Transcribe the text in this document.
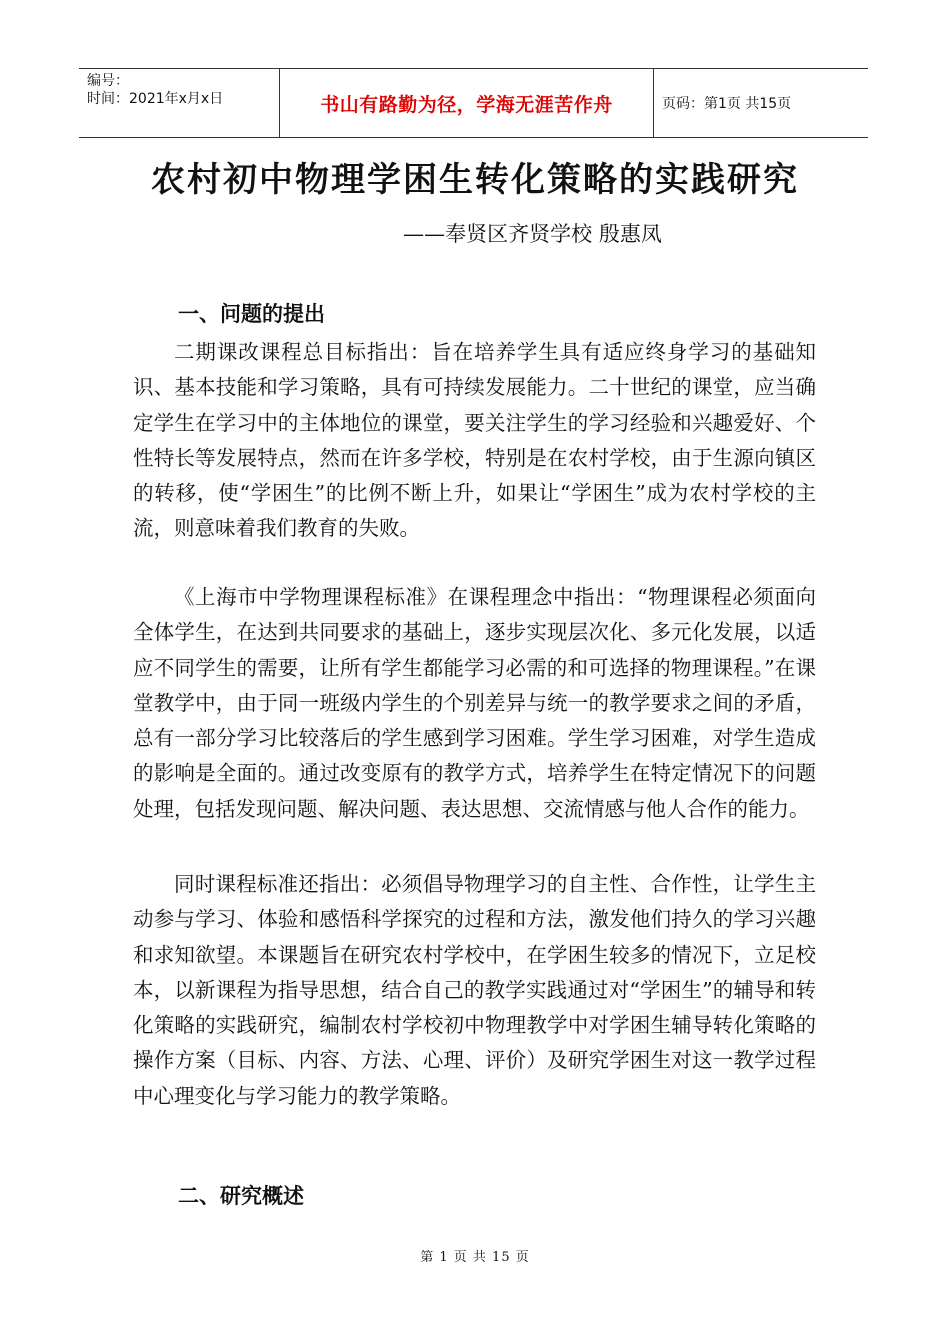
编号：
时间：2021年x月x日	书山有路勤为径，学海无涯苦作舟	页码：第1页 共15页
农村初中物理学困生转化策略的实践研究
——奉贤区齐贤学校 殷惠凤
一、问题的提出
二期课改课程总目标指出：旨在培养学生具有适应终身学习的基础知识、基本技能和学习策略，具有可持续发展能力。二十世纪的课堂，应当确定学生在学习中的主体地位的课堂，要关注学生的学习经验和兴趣爱好、个性特长等发展特点，然而在许多学校，特别是在农村学校，由于生源向镇区的转移，使“学困生”的比例不断上升，如果让“学困生”成为农村学校的主流，则意味着我们教育的失败。
《上海市中学物理课程标准》在课程理念中指出：“物理课程必须面向全体学生，在达到共同要求的基础上，逐步实现层次化、多元化发展，以适应不同学生的需要，让所有学生都能学习必需的和可选择的物理课程。”在课堂教学中，由于同一班级内学生的个别差异与统一的教学要求之间的矛盾，总有一部分学习比较落后的学生感到学习困难。学生学习困难，对学生造成的影响是全面的。通过改变原有的教学方式，培养学生在特定情况下的问题处理，包括发现问题、解决问题、表达思想、交流情感与他人合作的能力。
同时课程标准还指出：必须倡导物理学习的自主性、合作性，让学生主动参与学习、体验和感悟科学探究的过程和方法，激发他们持久的学习兴趣和求知欲望。本课题旨在研究农村学校中，在学困生较多的情况下，立足校本，以新课程为指导思想，结合自己的教学实践通过对“学困生”的辅导和转化策略的实践研究，编制农村学校初中物理教学中对学困生辅导转化策略的操作方案（目标、内容、方法、心理、评价）及研究学困生对这一教学过程中心理变化与学习能力的教学策略。
二、研究概述
第 1 页 共 15 页
